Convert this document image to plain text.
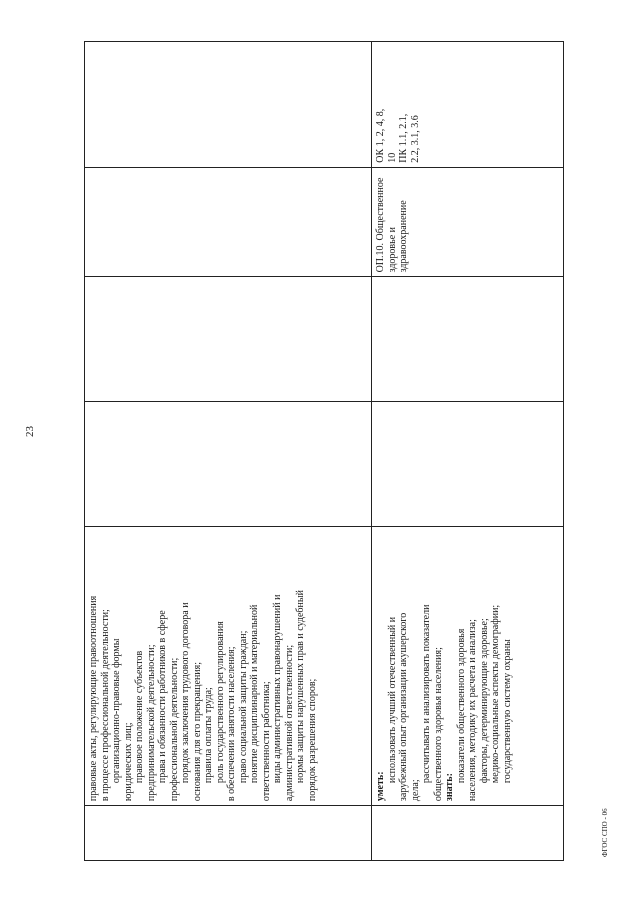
23
правовые акты, регулирующие правоотношения в процессе профессиональной деятельности; организационно-правовые формы юридических лиц; правовое положение субъектов предпринимательской деятельности; права и обязанности работников в сфере профессиональной деятельности; порядок заключения трудового договора и основания для его прекращения; правила оплаты труда; роль государственного регулирования в обеспечении занятости населения; право социальной защиты граждан; понятие дисциплинарной и материальной ответственности работника; виды административных правонарушений и административной ответственности; нормы защиты нарушенных прав и судебный порядок разрешения споров;	уметь:
использовать лучший отечественный и зарубежный опыт организации акушерского дела;
рассчитывать и анализировать показатели общественного здоровья населения; знать:
показатели общественного здоровья населения, методику их расчета и анализа; факторы, детерминирующие здоровье; медико-социальные аспекты демографии; государственную систему охраны
ОП.10. Общественное здоровье и здравоохранение
ОК 1, 2, 4, 8, 10 ПК 1.1, 2.1, 2.2, 3.1, 3.6
ФГОС СПО - 06
